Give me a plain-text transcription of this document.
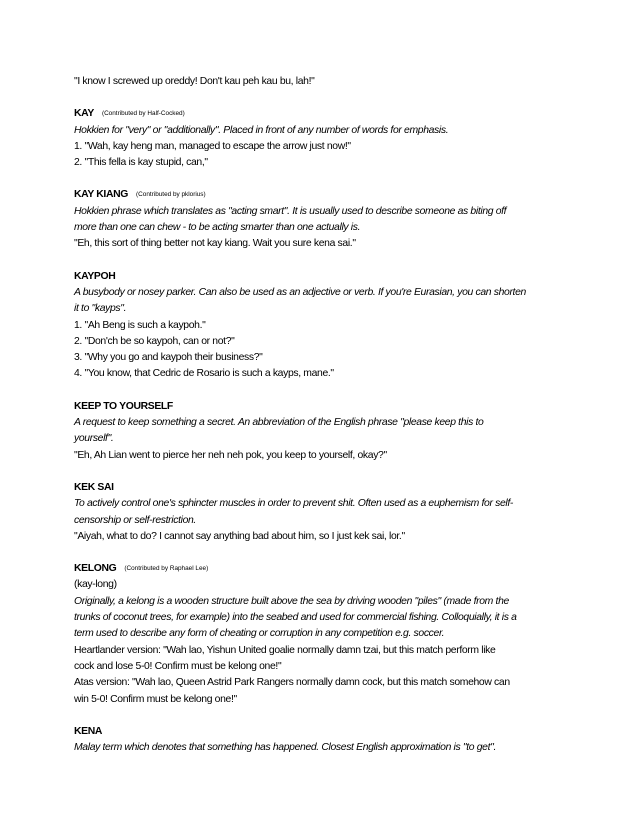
"I know I screwed up oreddy! Don't kau peh kau bu, lah!"
KAY (Contributed by Half-Cocked)
Hokkien for "very" or "additionally". Placed in front of any number of words for emphasis.
1. "Wah, kay heng man, managed to escape the arrow just now!"
2. "This fella is kay stupid, can,"
KAY KIANG (Contributed by pklorius)
Hokkien phrase which translates as "acting smart". It is usually used to describe someone as biting off
more than one can chew - to be acting smarter than one actually is.
"Eh, this sort of thing better not kay kiang. Wait you sure kena sai."
KAYPOH
A busybody or nosey parker. Can also be used as an adjective or verb. If you're Eurasian, you can shorten
it to "kayps".
1. "Ah Beng is such a kaypoh."
2. "Don'ch be so kaypoh, can or not?"
3. "Why you go and kaypoh their business?"
4. "You know, that Cedric de Rosario is such a kayps, mane."
KEEP TO YOURSELF
A request to keep something a secret. An abbreviation of the English phrase "please keep this to
yourself".
"Eh, Ah Lian went to pierce her neh neh pok, you keep to yourself, okay?"
KEK SAI
To actively control one's sphincter muscles in order to prevent shit. Often used as a euphemism for self-
censorship or self-restriction.
"Aiyah, what to do? I cannot say anything bad about him, so I just kek sai, lor."
KELONG (Contributed by Raphael Lee)
(kay-long)
Originally, a kelong is a wooden structure built above the sea by driving wooden "piles" (made from the
trunks of coconut trees, for example) into the seabed and used for commercial fishing. Colloquially, it is a
term used to describe any form of cheating or corruption in any competition e.g. soccer.
Heartlander version: "Wah lao, Yishun United goalie normally damn tzai, but this match perform like
cock and lose 5-0! Confirm must be kelong one!"
Atas version: "Wah lao, Queen Astrid Park Rangers normally damn cock, but this match somehow can
win 5-0! Confirm must be kelong one!"
KENA
Malay term which denotes that something has happened. Closest English approximation is "to get".
